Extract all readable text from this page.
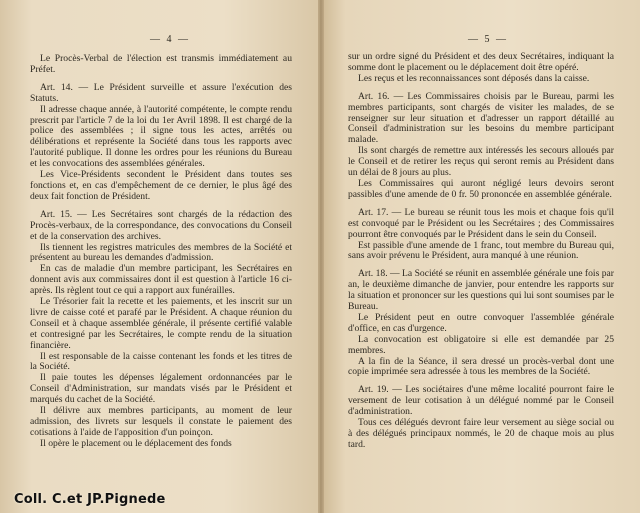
— 4 —

Le Procès-Verbal de l'élection est transmis immédiatement au Préfet.

Art. 14. — Le Président surveille et assure l'exécution des Statuts.

Il adresse chaque année, à l'autorité compétente, le compte rendu prescrit par l'article 7 de la loi du 1er Avril 1898. Il est chargé de la police des assemblées ; il signe tous les actes, arrêtés ou délibérations et représente la Société dans tous les rapports avec l'autorité publique. Il donne les ordres pour les réunions du Bureau et les convocations des assemblées générales.

Les Vice-Présidents secondent le Président dans toutes ses fonctions et, en cas d'empêchement de ce dernier, le plus âgé des deux fait fonction de Président.

Art. 15. — Les Secrétaires sont chargés de la rédaction des Procès-verbaux, de la correspondance, des convocations du Conseil et de la conservation des archives.

Ils tiennent les registres matricules des membres de la Société et présentent au bureau les demandes d'admission.

En cas de maladie d'un membre participant, les Secrétaires en donnent avis aux commissaires dont il est question à l'article 16 ci-après. Ils règlent tout ce qui a rapport aux funérailles.

Le Trésorier fait la recette et les paiements, et les inscrit sur un livre de caisse coté et parafé par le Président. A chaque réunion du Conseil et à chaque assemblée générale, il présente certifié valable et contresigné par les Secrétaires, le compte rendu de la situation financière.

Il est responsable de la caisse contenant les fonds et les titres de la Société.

Il paie toutes les dépenses légalement ordonnancées par le Conseil d'Administration, sur mandats visés par le Président et marqués du cachet de la Société.

Il délivre aux membres participants, au moment de leur admission, des livrets sur lesquels il constate le paiement des cotisations à l'aide de l'apposition d'un poinçon.

Il opère le placement ou le déplacement des fonds

— 5 —

sur un ordre signé du Président et des deux Secrétaires, indiquant la somme dont le placement ou le déplacement doit être opéré.

Les reçus et les reconnaissances sont déposés dans la caisse.

Art. 16. — Les Commissaires choisis par le Bureau, parmi les membres participants, sont chargés de visiter les malades, de se renseigner sur leur situation et d'adresser un rapport détaillé au Conseil d'administration sur les besoins du membre participant malade.

Ils sont chargés de remettre aux intéressés les secours alloués par le Conseil et de retirer les reçus qui seront remis au Président dans un délai de 8 jours au plus.

Les Commissaires qui auront négligé leurs devoirs seront passibles d'une amende de 0 fr. 50 prononcée en assemblée générale.

Art. 17. — Le bureau se réunit tous les mois et chaque fois qu'il est convoqué par le Président ou les Secrétaires ; des Commissaires pourront être convoqués par le Président dans le sein du Conseil.

Est passible d'une amende de 1 franc, tout membre du Bureau qui, sans avoir prévenu le Président, aura manqué à une réunion.

Art. 18. — La Société se réunit en assemblée générale une fois par an, le deuxième dimanche de janvier, pour entendre les rapports sur la situation et prononcer sur les questions qui lui sont soumises par le Bureau.

Le Président peut en outre convoquer l'assemblée générale d'office, en cas d'urgence.

La convocation est obligatoire si elle est demandée par 25 membres.

A la fin de la Séance, il sera dressé un procès-verbal dont une copie imprimée sera adressée à tous les membres de la Société.

Art. 19. — Les sociétaires d'une même localité pourront faire le versement de leur cotisation à un délégué nommé par le Conseil d'administration.

Tous ces délégués devront faire leur versement au siège social ou à des délégués principaux nommés, le 20 de chaque mois au plus tard.

Coll. C.et JP.Pignede
